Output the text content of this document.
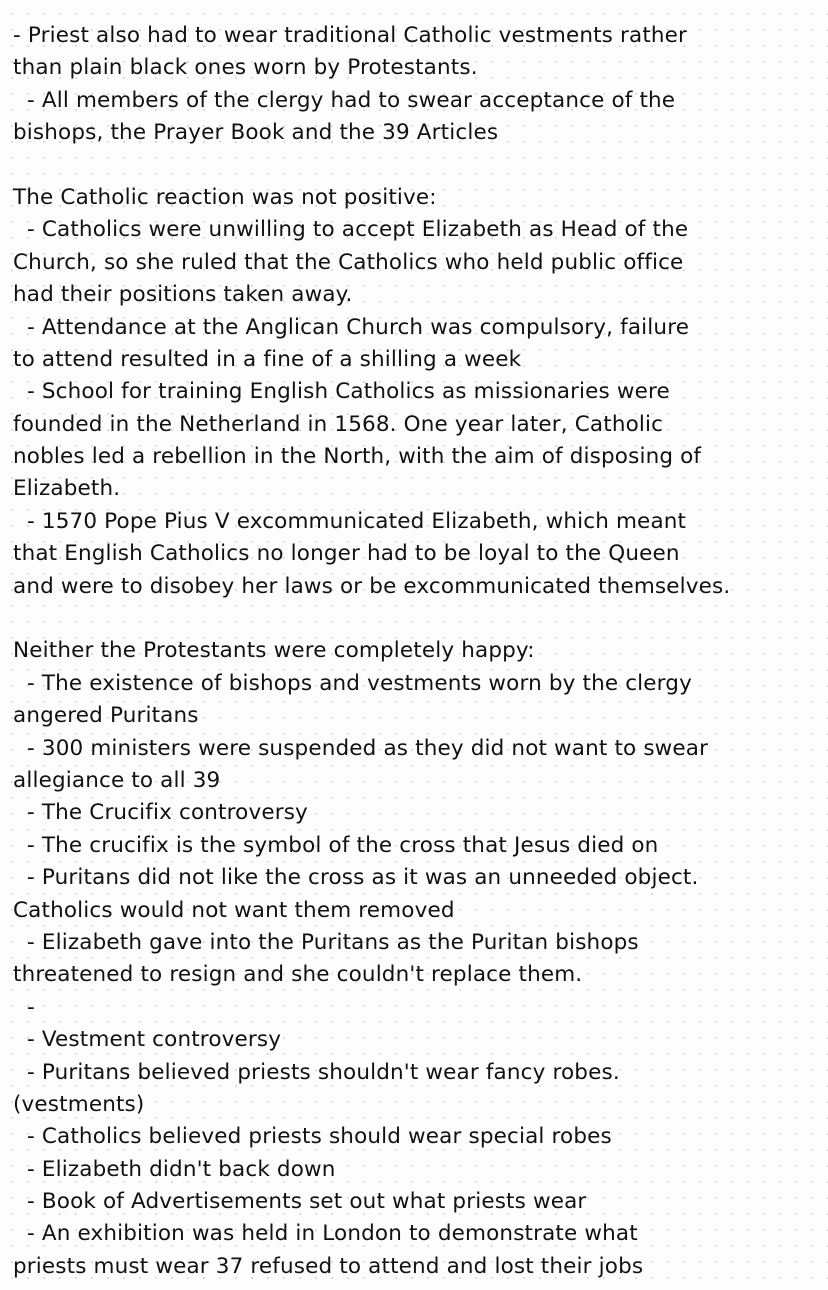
- Priest also had to wear traditional Catholic vestments rather
than plain black ones worn by Protestants.
- All members of the clergy had to swear acceptance of the
bishops, the Prayer Book and the 39 Articles
The Catholic reaction was not positive:
- Catholics were unwilling to accept Elizabeth as Head of the
Church, so she ruled that the Catholics who held public office
had their positions taken away.
- Attendance at the Anglican Church was compulsory, failure
to attend resulted in a fine of a shilling a week
- School for training English Catholics as missionaries were
founded in the Netherland in 1568. One year later, Catholic
nobles led a rebellion in the North, with the aim of disposing of
Elizabeth.
- 1570 Pope Pius V excommunicated Elizabeth, which meant
that English Catholics no longer had to be loyal to the Queen
and were to disobey her laws or be excommunicated themselves.
Neither the Protestants were completely happy:
- The existence of bishops and vestments worn by the clergy
angered Puritans
- 300 ministers were suspended as they did not want to swear
allegiance to all 39
- The Crucifix controversy
- The crucifix is the symbol of the cross that Jesus died on
- Puritans did not like the cross as it was an unneeded object.
Catholics would not want them removed
- Elizabeth gave into the Puritans as the Puritan bishops
threatened to resign and she couldn't replace them.
-
- Vestment controversy
- Puritans believed priests shouldn't wear fancy robes.
(vestments)
- Catholics believed priests should wear special robes
- Elizabeth didn't back down
- Book of Advertisements set out what priests wear
- An exhibition was held in London to demonstrate what
priests must wear 37 refused to attend and lost their jobs
